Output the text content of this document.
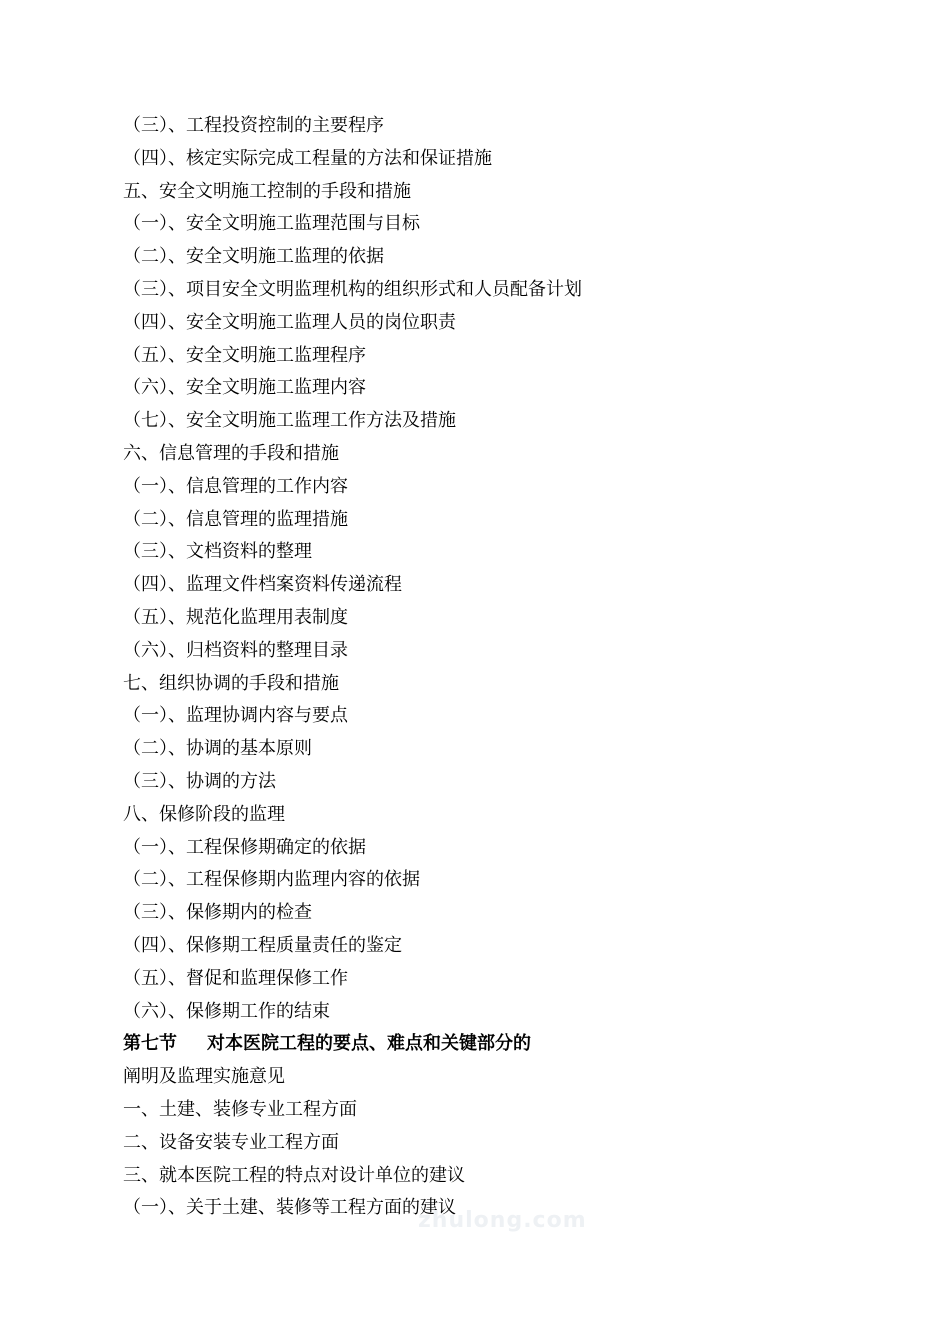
（三）、工程投资控制的主要程序
（四）、核定实际完成工程量的方法和保证措施
五、安全文明施工控制的手段和措施
（一）、安全文明施工监理范围与目标
（二）、安全文明施工监理的依据
（三）、项目安全文明监理机构的组织形式和人员配备计划
（四）、安全文明施工监理人员的岗位职责
（五）、安全文明施工监理程序
（六）、安全文明施工监理内容
（七）、安全文明施工监理工作方法及措施
六、信息管理的手段和措施
（一）、信息管理的工作内容
（二）、信息管理的监理措施
（三）、文档资料的整理
（四）、监理文件档案资料传递流程
（五）、规范化监理用表制度
（六）、归档资料的整理目录
七、组织协调的手段和措施
（一）、监理协调内容与要点
（二）、协调的基本原则
（三）、协调的方法
八、保修阶段的监理
（一）、工程保修期确定的依据
（二）、工程保修期内监理内容的依据
（三）、保修期内的检查
（四）、保修期工程质量责任的鉴定
（五）、督促和监理保修工作
（六）、保修期工作的结束
第七节 对本医院工程的要点、难点和关键部分的
阐明及监理实施意见
一、土建、装修专业工程方面
二、设备安装专业工程方面
三、就本医院工程的特点对设计单位的建议
（一）、关于土建、装修等工程方面的建议
zhulong.com
